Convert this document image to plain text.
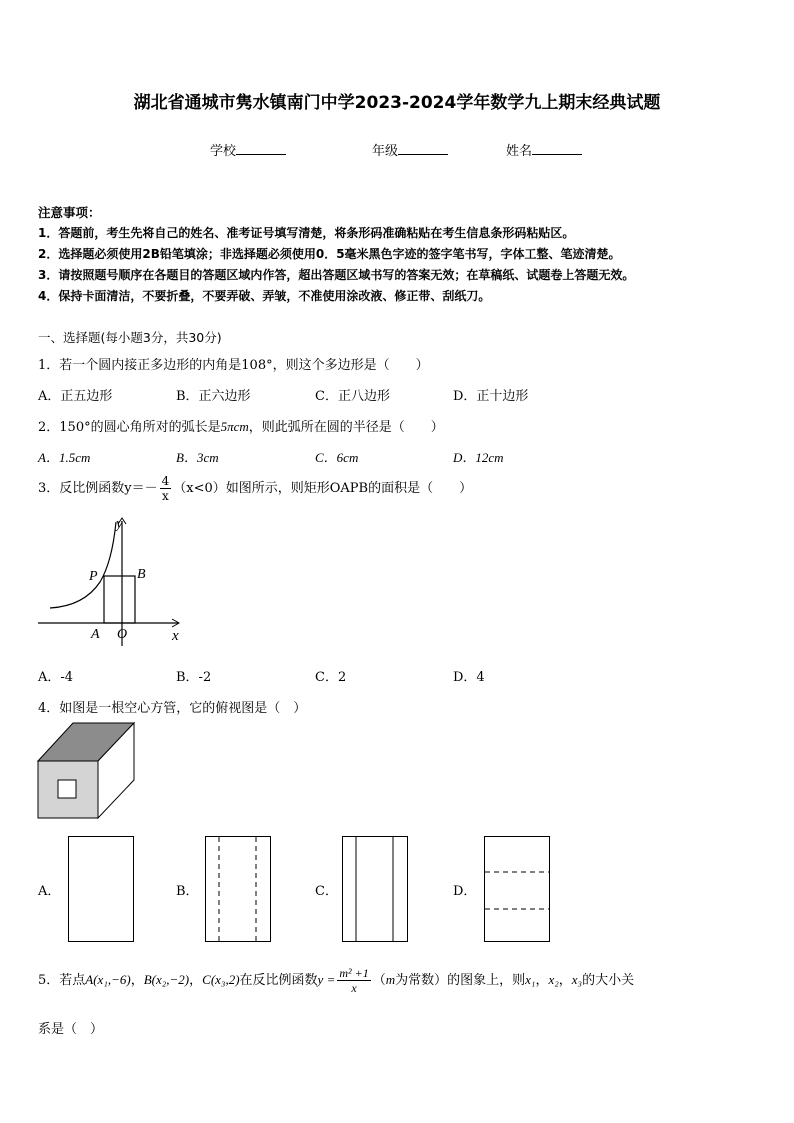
湖北省通城市隽水镇南门中学2023-2024学年数学九上期末经典试题
学校	年级	姓名
注意事项：
1．答题前，考生先将自己的姓名、准考证号填写清楚，将条形码准确粘贴在考生信息条形码粘贴区。
2．选择题必须使用2B铅笔填涂；非选择题必须使用0．5毫米黑色字迹的签字笔书写，字体工整、笔迹清楚。
3．请按照题号顺序在各题目的答题区域内作答，超出答题区域书写的答案无效；在草稿纸、试题卷上答题无效。
4．保持卡面清洁，不要折叠，不要弄破、弄皱，不准使用涂改液、修正带、刮纸刀。
一、选择题(每小题3分，共30分)
1．若一个圆内接正多边形的内角是108°，则这个多边形是（　　）
A．正五边形	B．正六边形	C．正八边形	D．正十边形
2．150°的圆心角所对的弧长是5πcm，则此弧所在圆的半径是（　　）
A．1.5cm	B．3cm	C．6cm	D．12cm
3．反比例函数$y=- \frac{4}{x} (x<0)$如图所示，则矩形OAPB的面积是（　　）
y
x
P	B
A O
A．-4	B．-2	C．2	D．4
4．如图是一根空心方管，它的俯视图是（　）
A．	B．	C．	D．
5．若点A(x₁,−6)，B(x₂,−2)，C(x₃,2)在反比例函数$y = \frac{\text{m² +1}}{x} (m$为常数）的图象上，则x₁，x₂，x₃的大小关
系是（　）
